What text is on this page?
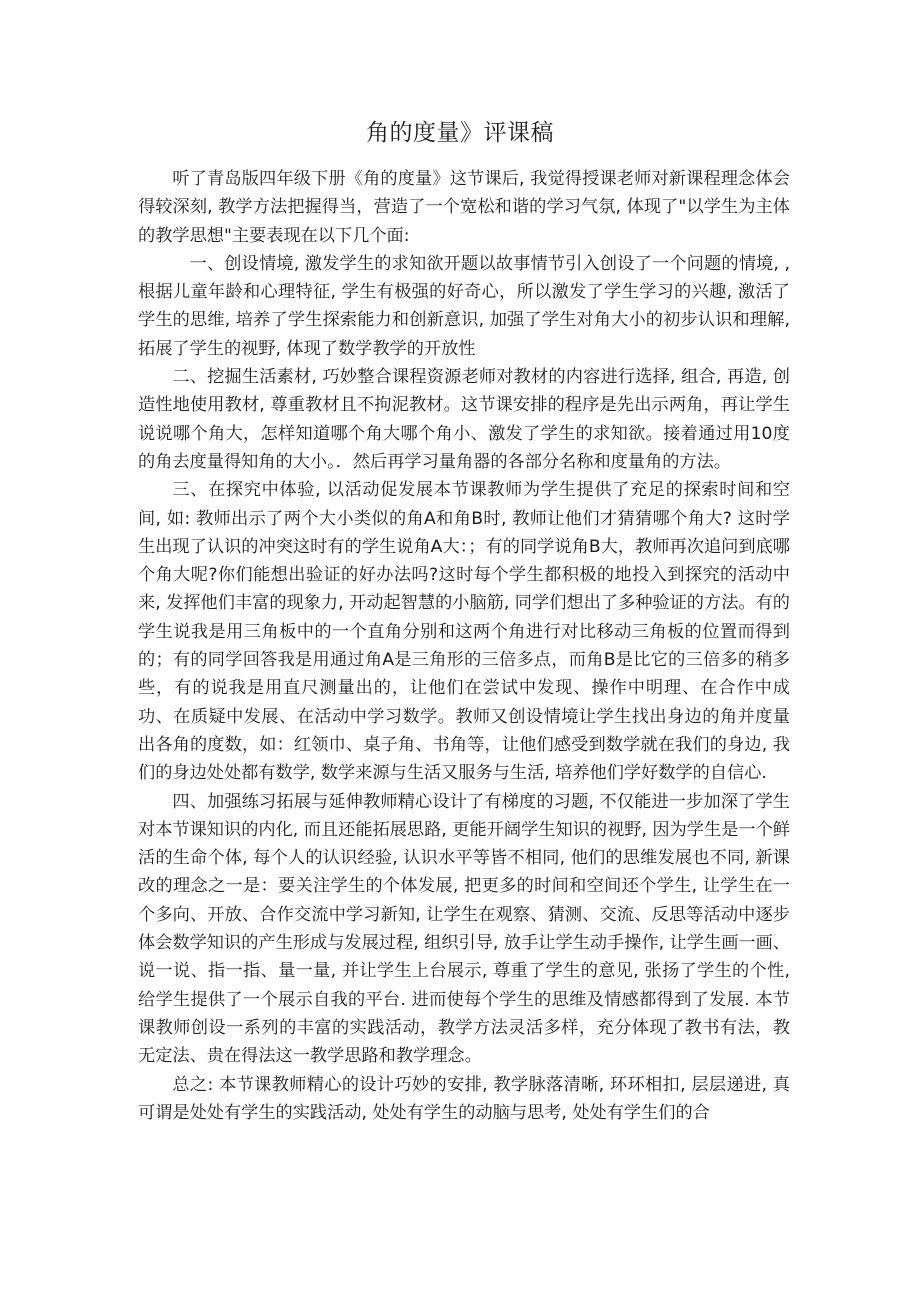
角的度量》评课稿

听了青岛版四年级下册《角的度量》这节课后, 我觉得授课老师对新课程理念体会得较深刻, 教学方法把握得当，营造了一个宽松和谐的学习气氛, 体现了"以学生为主体的教学思想"主要表现在以下几个面:

一、创设情境, 激发学生的求知欲开题以故事情节引入创设了一个问题的情境, , 根据儿童年龄和心理特征, 学生有极强的好奇心，所以激发了学生学习的兴趣, 激活了学生的思维, 培养了学生探索能力和创新意识, 加强了学生对角大小的初步认识和理解, 拓展了学生的视野, 体现了数学教学的开放性

二、挖掘生活素材, 巧妙整合课程资源老师对教材的内容进行选择, 组合, 再造, 创造性地使用教材, 尊重教材且不拘泥教材。这节课安排的程序是先出示两角，再让学生说说哪个角大，怎样知道哪个角大哪个角小、激发了学生的求知欲。接着通过用10度的角去度量得知角的大小。．然后再学习量角器的各部分名称和度量角的方法。

三、在探究中体验, 以活动促发展本节课教师为学生提供了充足的探索时间和空间, 如: 教师出示了两个大小类似的角A和角B时, 教师让他们才猜猜哪个角大? 这时学生出现了认识的冲突这时有的学生说角A大：；有的同学说角B大，教师再次追问到底哪个角大呢?你们能想出验证的好办法吗?这时每个学生都积极的地投入到探究的活动中来, 发挥他们丰富的现象力, 开动起智慧的小脑筋, 同学们想出了多种验证的方法。有的学生说我是用三角板中的一个直角分别和这两个角进行对比移动三角板的位置而得到的；有的同学回答我是用通过角A是三角形的三倍多点，而角B是比它的三倍多的稍多些，有的说我是用直尺测量出的，让他们在尝试中发现、操作中明理、在合作中成功、在质疑中发展、在活动中学习数学。教师又创设情境让学生找出身边的角并度量出各角的度数，如：红领巾、桌子角、书角等，让他们感受到数学就在我们的身边, 我们的身边处处都有数学, 数学来源与生活又服务与生活, 培养他们学好数学的自信心.

四、加强练习拓展与延伸教师精心设计了有梯度的习题, 不仅能进一步加深了学生对本节课知识的内化, 而且还能拓展思路, 更能开阔学生知识的视野, 因为学生是一个鲜活的生命个体, 每个人的认识经验, 认识水平等皆不相同, 他们的思维发展也不同, 新课改的理念之一是：要关注学生的个体发展, 把更多的时间和空间还个学生, 让学生在一个多向、开放、合作交流中学习新知, 让学生在观察、猜测、交流、反思等活动中逐步体会数学知识的产生形成与发展过程, 组织引导, 放手让学生动手操作, 让学生画一画、说一说、指一指、量一量, 并让学生上台展示, 尊重了学生的意见, 张扬了学生的个性, 给学生提供了一个展示自我的平台. 进而使每个学生的思维及情感都得到了发展. 本节课教师创设一系列的丰富的实践活动，教学方法灵活多样，充分体现了教书有法，教无定法、贵在得法这一教学思路和教学理念。

总之: 本节课教师精心的设计巧妙的安排, 教学脉落清晰, 环环相扣, 层层递进, 真可谓是处处有学生的实践活动, 处处有学生的动脑与思考, 处处有学生们的合
